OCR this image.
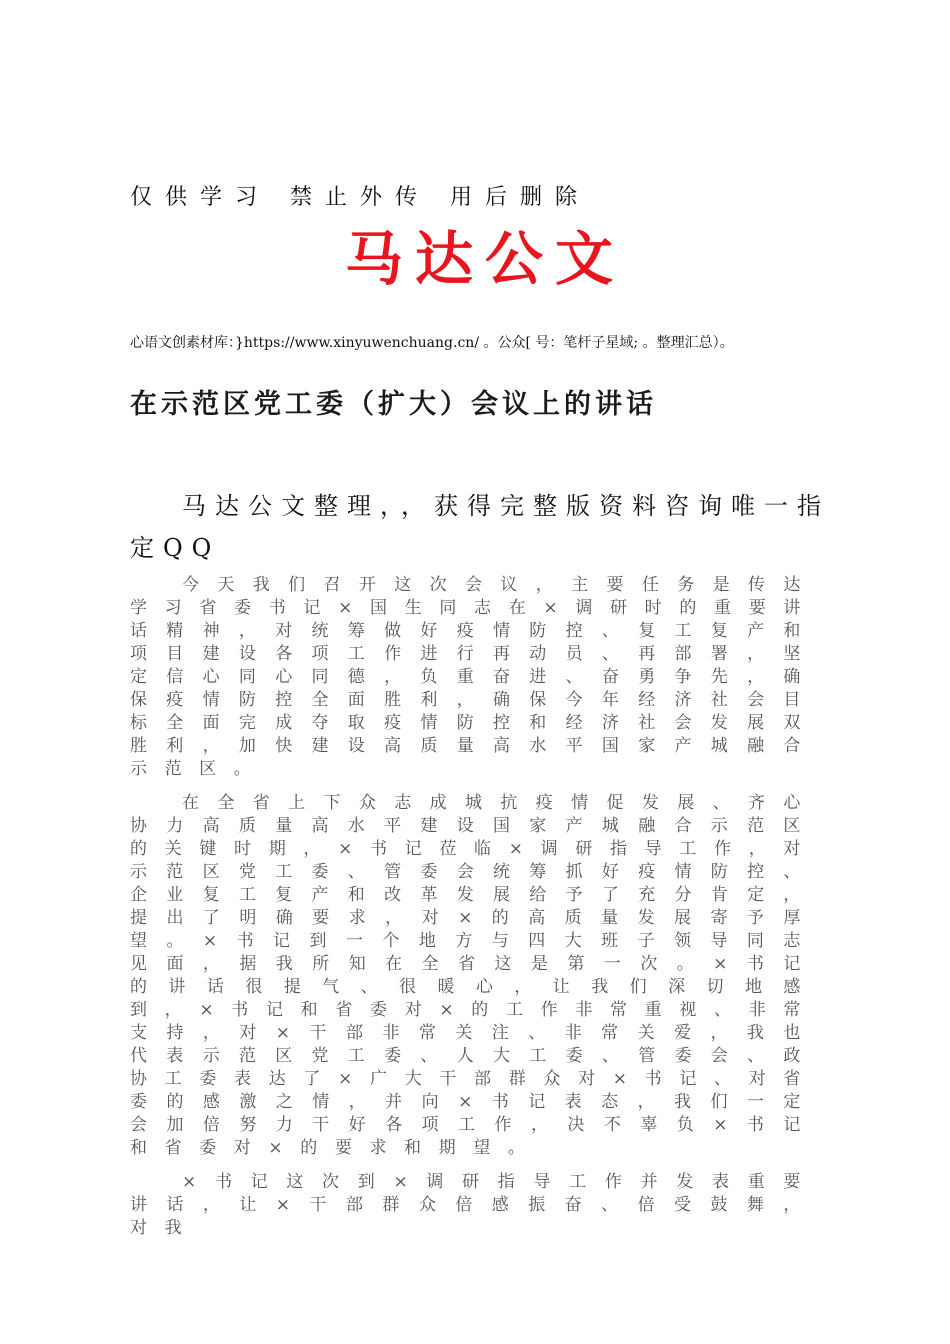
仅供学习 禁止外传 用后删除
马达公文
心语文创素材库：}https://www.xinyuwenchuang.cn/ 。公众[ 号：笔杆子星域; 。整理汇总）。
在示范区党工委（扩大）会议上的讲话
马达公文整理，，获得完整版资料咨询唯一指定QQ

今天我们召开这次会议，主要任务是传达学习省委书记×国生同志在×调研时的重要讲话精神，对统筹做好疫情防控、复工复产和项目建设各项工作进行再动员、再部署，坚定信心同心同德，负重奋进、奋勇争先，确保疫情防控全面胜利，确保今年经济社会目标全面完成夺取疫情防控和经济社会发展双胜利，加快建设高质量高水平国家产城融合示范区。

在全省上下众志成城抗疫情促发展、齐心协力高质量高水平建设国家产城融合示范区的关键时期，×书记莅临×调研指导工作，对示范区党工委、管委会统筹抓好疫情防控、企业复工复产和改革发展给予了充分肯定，提出了明确要求，对×的高质量发展寄予厚望。×书记到一个地方与四大班子领导同志见面，据我所知在全省这是第一次。×书记的讲话很提气、很暖心，让我们深切地感到，×书记和省委对×的工作非常重视、非常支持，对×干部非常关注、非常关爱，我也代表示范区党工委、人大工委、管委会、政协工委表达了×广大干部群众对×书记、对省委的感激之情，并向×书记表态，我们一定会加倍努力干好各项工作，决不辜负×书记和省委对×的要求和期望。

×书记这次到×调研指导工作并发表重要讲话，让×干部群众倍感振奋、倍受鼓舞，对我
